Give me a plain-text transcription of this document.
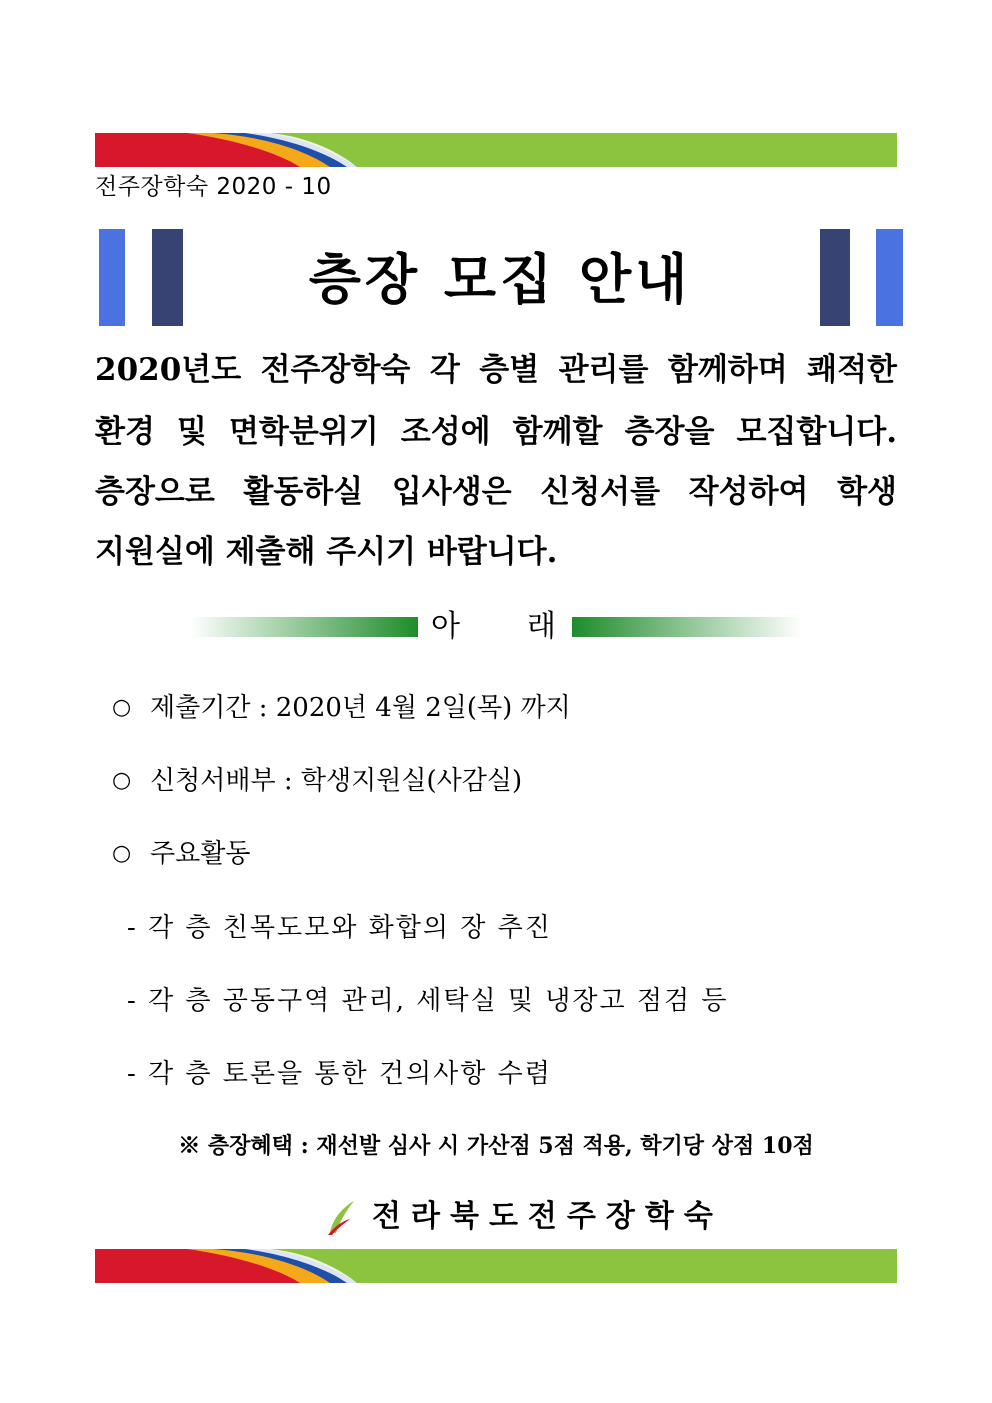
전주장학숙 2020 - 10
층장 모집 안내
2020년도 전주장학숙 각 층별 관리를 함께하며 쾌적한
환경 및 면학분위기 조성에 함께할 층장을 모집합니다.
층장으로 활동하실 입사생은 신청서를 작성하여 학생
지원실에 제출해 주시기 바랍니다.
아 래
○ 제출기간 : 2020년 4월 2일(목) 까지
○ 신청서배부 : 학생지원실(사감실)
○ 주요활동
- 각 층 친목도모와 화합의 장 추진
- 각 층 공동구역 관리, 세탁실 및 냉장고 점검 등
- 각 층 토론을 통한 건의사항 수렴
※ 층장혜택 : 재선발 심사 시 가산점 5점 적용, 학기당 상점 10점
전라북도전주장학숙
